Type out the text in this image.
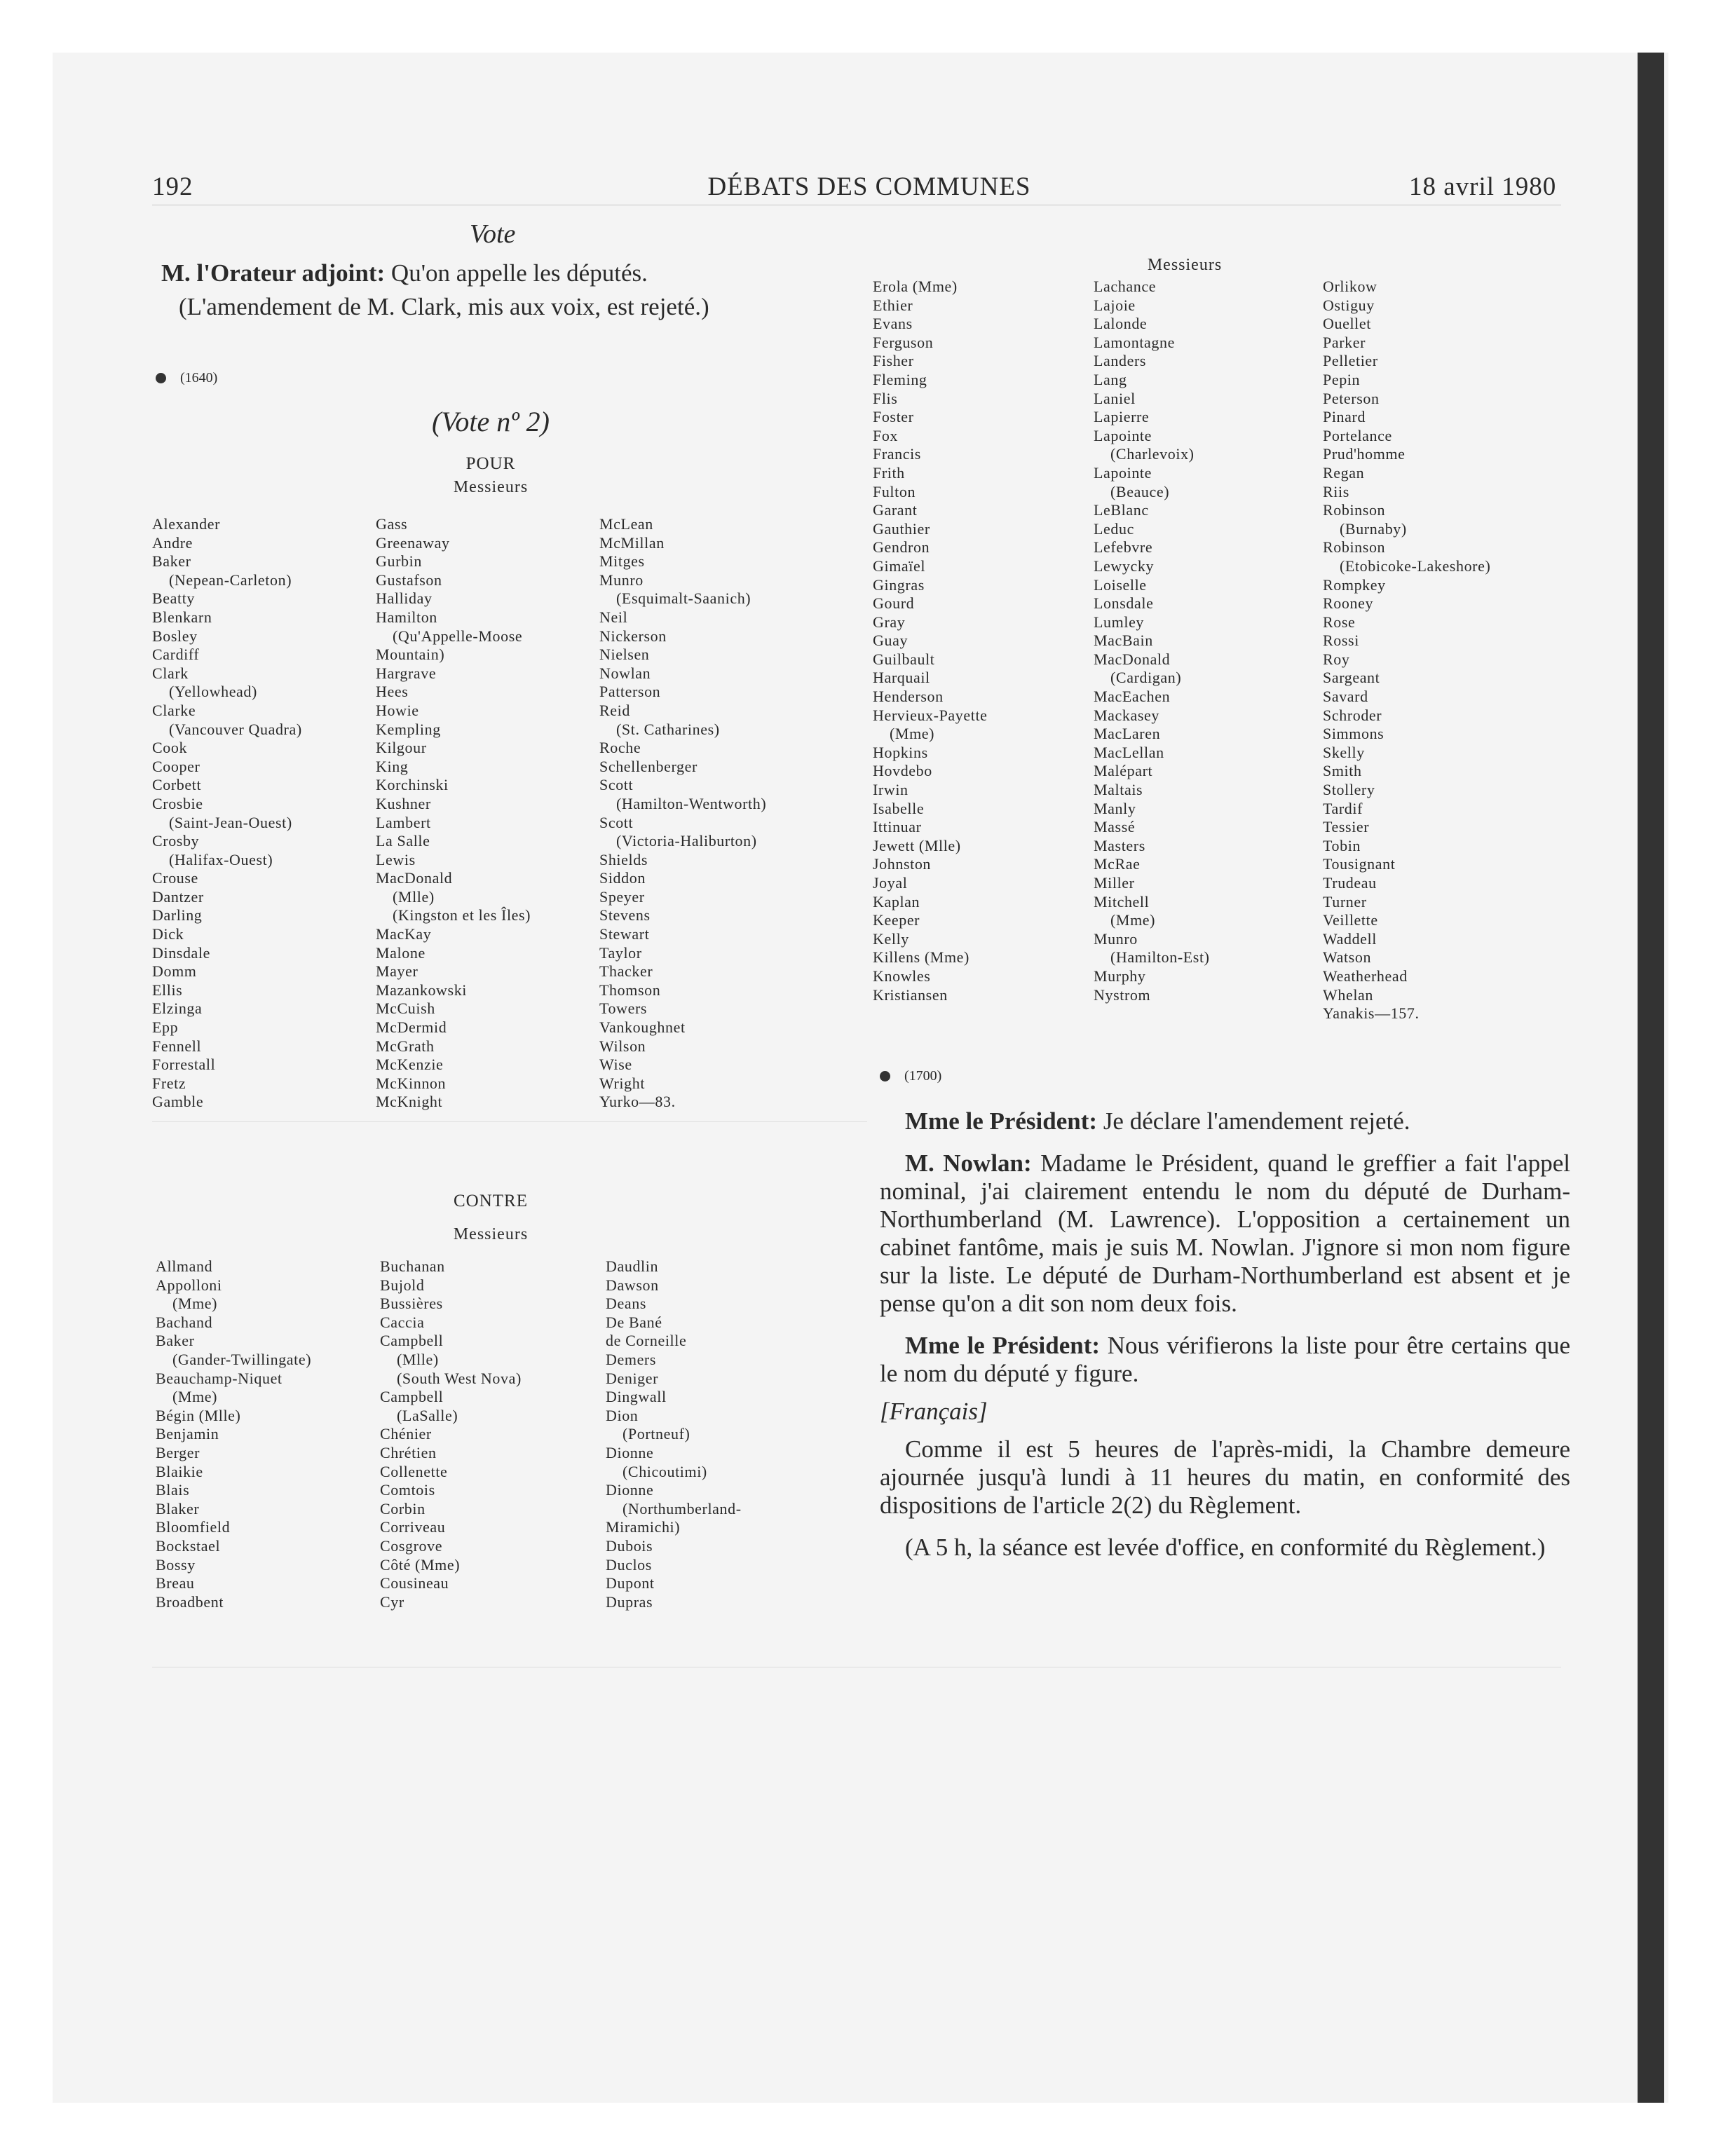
192	DÉBATS DES COMMUNES	18 avril 1980
Vote
M. l'Orateur adjoint: Qu'on appelle les députés.
(L'amendement de M. Clark, mis aux voix, est rejeté.)
(1640)
(Vote nº 2)
POUR
Messieurs
Alexander
Andre
Baker
(Nepean-Carleton)
Beatty
Blenkarn
Bosley
Cardiff
Clark
(Yellowhead)
Clarke
(Vancouver Quadra)
Cook
Cooper
Corbett
Crosbie
(Saint-Jean-Ouest)
Crosby
(Halifax-Ouest)
Crouse
Dantzer
Darling
Dick
Dinsdale
Domm
Ellis
Elzinga
Epp
Fennell
Forrestall
Fretz
Gamble
Gass
Greenaway
Gurbin
Gustafson
Halliday
Hamilton
(Qu'Appelle-Moose
Mountain)
Hargrave
Hees
Howie
Kempling
Kilgour
King
Korchinski
Kushner
Lambert
La Salle
Lewis
MacDonald
(Mlle)
(Kingston et les Îles)
MacKay
Malone
Mayer
Mazankowski
McCuish
McDermid
McGrath
McKenzie
McKinnon
McKnight
McLean
McMillan
Mitges
Munro
(Esquimalt-Saanich)
Neil
Nickerson
Nielsen
Nowlan
Patterson
Reid
(St. Catharines)
Roche
Schellenberger
Scott
(Hamilton-Wentworth)
Scott
(Victoria-Haliburton)
Shields
Siddon
Speyer
Stevens
Stewart
Taylor
Thacker
Thomson
Towers
Vankoughnet
Wilson
Wise
Wright
Yurko—83.
CONTRE
Messieurs
Allmand
Appolloni
(Mme)
Bachand
Baker
(Gander-Twillingate)
Beauchamp-Niquet
(Mme)
Bégin (Mlle)
Benjamin
Berger
Blaikie
Blais
Blaker
Bloomfield
Bockstael
Bossy
Breau
Broadbent
Buchanan
Bujold
Bussières
Caccia
Campbell
(Mlle)
(South West Nova)
Campbell
(LaSalle)
Chénier
Chrétien
Collenette
Comtois
Corbin
Corriveau
Cosgrove
Côté (Mme)
Cousineau
Cyr
Daudlin
Dawson
Deans
De Bané
de Corneille
Demers
Deniger
Dingwall
Dion
(Portneuf)
Dionne
(Chicoutimi)
Dionne
(Northumberland-
Miramichi)
Dubois
Duclos
Dupont
Dupras
Messieurs
Erola (Mme)
Ethier
Evans
Ferguson
Fisher
Fleming
Flis
Foster
Fox
Francis
Frith
Fulton
Garant
Gauthier
Gendron
Gimaïel
Gingras
Gourd
Gray
Guay
Guilbault
Harquail
Henderson
Hervieux-Payette
(Mme)
Hopkins
Hovdebo
Irwin
Isabelle
Ittinuar
Jewett (Mlle)
Johnston
Joyal
Kaplan
Keeper
Kelly
Killens (Mme)
Knowles
Kristiansen
Lachance
Lajoie
Lalonde
Lamontagne
Landers
Lang
Laniel
Lapierre
Lapointe
(Charlevoix)
Lapointe
(Beauce)
LeBlanc
Leduc
Lefebvre
Lewycky
Loiselle
Lonsdale
Lumley
MacBain
MacDonald
(Cardigan)
MacEachen
Mackasey
MacLaren
MacLellan
Malépart
Maltais
Manly
Massé
Masters
McRae
Miller
Mitchell
(Mme)
Munro
(Hamilton-Est)
Murphy
Nystrom
Orlikow
Ostiguy
Ouellet
Parker
Pelletier
Pepin
Peterson
Pinard
Portelance
Prud'homme
Regan
Riis
Robinson
(Burnaby)
Robinson
(Etobicoke-Lakeshore)
Rompkey
Rooney
Rose
Rossi
Roy
Sargeant
Savard
Schroder
Simmons
Skelly
Smith
Stollery
Tardif
Tessier
Tobin
Tousignant
Trudeau
Turner
Veillette
Waddell
Watson
Weatherhead
Whelan
Yanakis—157.
(1700)

Mme le Président: Je déclare l'amendement rejeté.

M. Nowlan: Madame le Président, quand le greffier a fait l'appel nominal, j'ai clairement entendu le nom du député de Durham-Northumberland (M. Lawrence). L'opposition a certainement un cabinet fantôme, mais je suis M. Nowlan. J'ignore si mon nom figure sur la liste. Le député de Durham-Northumberland est absent et je pense qu'on a dit son nom deux fois.

Mme le Président: Nous vérifierons la liste pour être certains que le nom du député y figure.

[Français]

Comme il est 5 heures de l'après-midi, la Chambre demeure ajournée jusqu'à lundi à 11 heures du matin, en conformité des dispositions de l'article 2(2) du Règlement.

(A 5 h, la séance est levée d'office, en conformité du Règlement.)
